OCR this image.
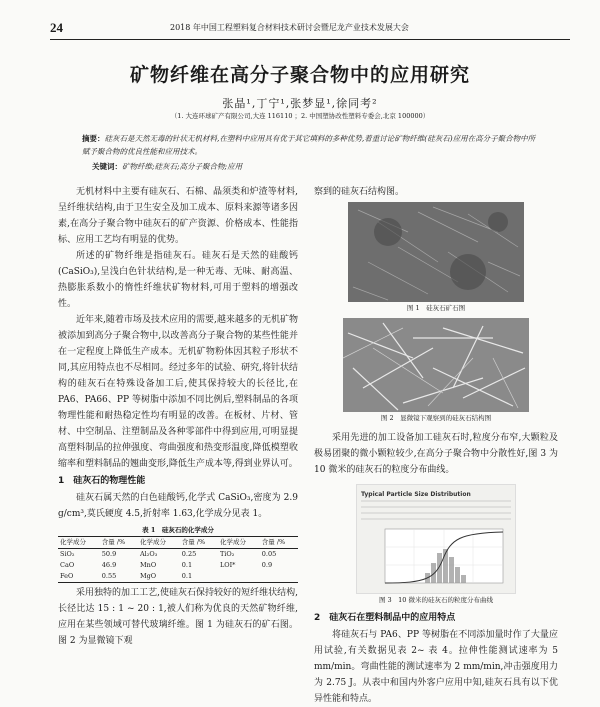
24	2018 年中国工程塑料复合材料技术研讨会暨尼龙产业技术发展大会
矿物纤维在高分子聚合物中的应用研究
张晶¹,丁宁¹,张梦显¹,徐同考²
（1. 大连环球矿产有限公司,大连 116110 ；2. 中国塑协改性塑料专委会,北京 100000）
摘要：硅灰石是天然无毒的针状无机材料,在塑料中应用具有优于其它填料的多种优势,着重讨论矿物纤维(硅灰石)应用在高分子聚合物中所赋予聚合物的优良性能和应用技术。
关键词：矿物纤维;硅灰石;高分子聚合物;应用

无机材料中主要有硅灰石、石棉、晶须类和炉渣等材料,呈纤维状结构,由于卫生安全及加工成本、原料来源等诸多因素,在高分子聚合物中硅灰石的矿产资源、价格成本、性能指标、应用工艺均有明显的优势。

所述的矿物纤维是指硅灰石。硅灰石是天然的硅酸钙(CaSiO₃),呈浅白色针状结构,是一种无毒、无味、耐高温、热膨胀系数小的惰性纤维状矿物材料,可用于塑料的增强改性。

近年来,随着市场及技术应用的需要,越来越多的无机矿物被添加到高分子聚合物中,以改善高分子聚合物的某些性能并在一定程度上降低生产成本。无机矿物粉体因其粒子形状不同,其应用特点也不尽相同。经过多年的试验、研究,将针状结构的硅灰石在特殊设备加工后,使其保持较大的长径比,在 PA6、PA66、PP 等树脂中添加不同比例后,塑料制品的各项物理性能和耐热稳定性均有明显的改善。在板材、片材、管材、中空制品、注塑制品及各种零部件中得到应用,可明显提高塑料制品的拉伸强度、弯曲强度和热变形温度,降低模塑收缩率和塑料制品的翘曲变形,降低生产成本等,得到业界认可。

1　硅灰石的物理性能

硅灰石属天然的白色硅酸钙,化学式 CaSiO₃,密度为 2.9 g/cm³,莫氏硬度 4.5,折射率 1.63,化学成分见表 1。

表 1　硅灰石的化学成分
化学成分	含量 /%	化学成分	含量 /%	化学成分	含量 /%
SiO₂	50.9	Al₂O₃	0.25	TiO₂	0.05
CaO	46.9	MnO	0.1	LOI*	0.9
FeO	0.55	MgO	0.1		

采用独特的加工工艺,使硅灰石保持较好的短纤维状结构,长径比达 15 : 1 ~ 20 : 1,被人们称为优良的天然矿物纤维,应用在某些领域可替代玻璃纤维。图 1 为硅灰石的矿石图。图 2 为显微镜下观

察到的硅灰石结构图。
图 1　硅灰石矿石图
图 2　显微镜下观察到的硅灰石结构图

采用先进的加工设备加工硅灰石时,粒度分布窄,大颗粒及极易团聚的微小颗粒较少,在高分子聚合物中分散性好,图 3 为 10 微米的硅灰石的粒度分布曲线。

Typical Particle Size Distribution
图 3　10 微米的硅灰石的粒度分布曲线
2　硅灰石在塑料制品中的应用特点

将硅灰石与 PA6、PP 等树脂在不同添加量时作了大量应用试验,有关数据见表 2~ 表 4。拉伸性能测试速率为 5 mm/min。弯曲性能的测试速率为 2 mm/min,冲击强度用力为 2.75 J。从表中和国内外客户应用中知,硅灰石具有以下优异性能和特点。
